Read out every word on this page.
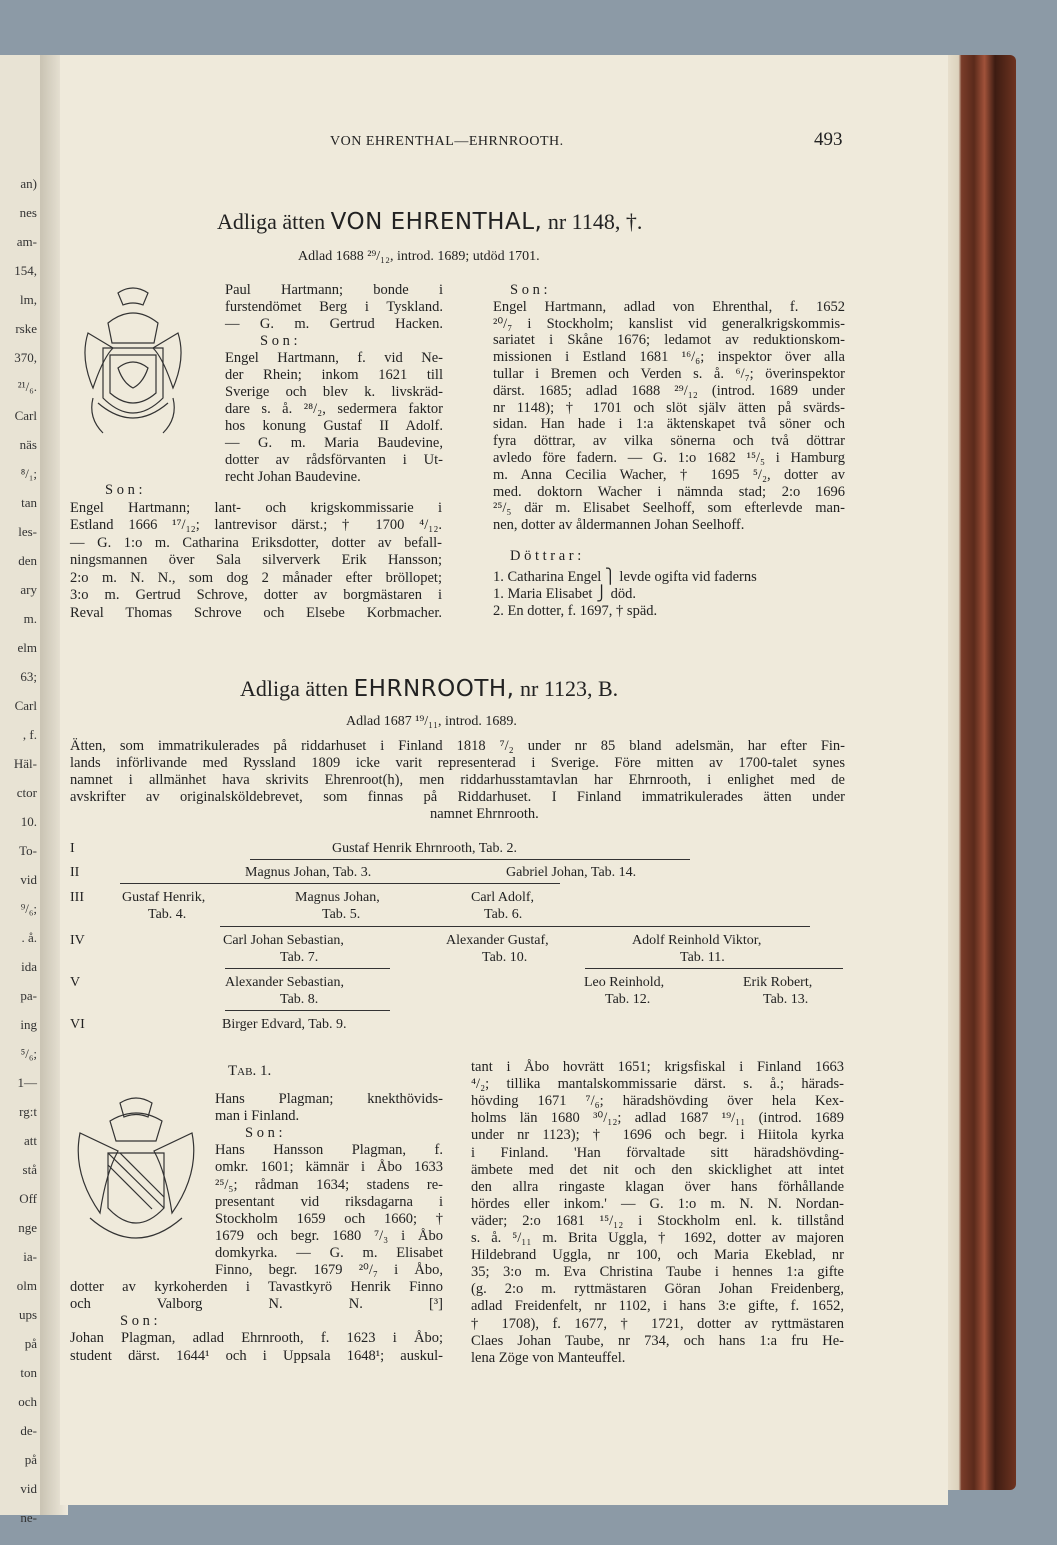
an)
nes
am-
154,
lm,
rske
370,
²¹/₆.
Carl
näs
⁸/₁;
tan
les-
den
ary
m.
elm
63;
Carl
, f.
Häl-
ctor
10.
To-
vid
⁹/₆;
. å.
ida
pa-
ing
⁵/₆;
1—
rg:t
att
stå
Off
nge
ia-
olm
ups
på
ton
och
de-
på
vid
ne-
VON EHRENTHAL—EHRNROOTH.	493
Adliga ätten VON EHRENTHAL, nr 1148, †.
Adlad 1688 ²⁹/₁₂, introd. 1689; utdöd 1701.
Paul Hartmann; bonde i
furstendömet Berg i Tyskland.
— G. m. Gertrud Hacken.
S o n :
Engel Hartmann, f. vid Ne-
der Rhein; inkom 1621 till
Sverige och blev k. livskräd-
dare s. å. ²⁸/₂, sedermera faktor
hos konung Gustaf II Adolf.
— G. m. Maria Baudevine,
dotter av rådsförvanten i Ut-
recht Johan Baudevine.
S o n :
Engel Hartmann; lant- och krigskommissarie i
Estland 1666 ¹⁷/₁₂; lantrevisor därst.; † 1700 ⁴/₁₂.
— G. 1:o m. Catharina Eriksdotter, dotter av befall-
ningsmannen över Sala silververk Erik Hansson;
2:o m. N. N., som dog 2 månader efter bröllopet;
3:o m. Gertrud Schrove, dotter av borgmästaren i
Reval Thomas Schrove och Elsebe Korbmacher.
S o n :
Engel Hartmann, adlad von Ehrenthal, f. 1652
²⁰/₇ i Stockholm; kanslist vid generalkrigskommis-
sariatet i Skåne 1676; ledamot av reduktionskom-
missionen i Estland 1681 ¹⁶/₆; inspektor över alla
tullar i Bremen och Verden s. å. ⁶/₇; överinspektor
därst. 1685; adlad 1688 ²⁹/₁₂ (introd. 1689 under
nr 1148); † 1701 och slöt själv ätten på svärds-
sidan. Han hade i 1:a äktenskapet två söner och
fyra döttrar, av vilka sönerna och två döttrar
avledo före fadern. — G. 1:o 1682 ¹⁵/₅ i Hamburg
m. Anna Cecilia Wacher, † 1695 ⁵/₂, dotter av
med. doktorn Wacher i nämnda stad; 2:o 1696
²⁵/₅ där m. Elisabet Seelhoff, som efterlevde man-
nen, dotter av åldermannen Johan Seelhoff.
D ö t t r a r :
1. Catharina Engel ⎫ levde ogifta vid faderns
1. Maria Elisabet ⎭ död.
2. En dotter, f. 1697, † späd.
Adliga ätten EHRNROOTH, nr 1123, B.
Adlad 1687 ¹⁹/₁₁, introd. 1689.
Ätten, som immatrikulerades på riddarhuset i Finland 1818 ⁷/₂ under nr 85 bland adelsmän, har efter Fin-
lands införlivande med Ryssland 1809 icke varit representerad i Sverige. Före mitten av 1700-talet synes
namnet i allmänhet hava skrivits Ehrenroot(h), men riddarhusstamtavlan har Ehrnrooth, i enlighet med de
avskrifter av originalsköldebrevet, som finnas på Riddarhuset. I Finland immatrikulerades ätten under
namnet Ehrnrooth.
I
II
III
IV
V
VI
Gustaf Henrik Ehrnrooth, Tab. 2.
Magnus Johan, Tab. 3.	Gabriel Johan, Tab. 14.
Gustaf Henrik,
Tab. 4.
Magnus Johan,
Tab. 5.
Carl Adolf,
Tab. 6.
Carl Johan Sebastian,
Tab. 7.
Alexander Gustaf,
Tab. 10.
Adolf Reinhold Viktor,
Tab. 11.
Alexander Sebastian,
Tab. 8.
Leo Reinhold,
Tab. 12.
Erik Robert,
Tab. 13.
Birger Edvard, Tab. 9.
Tab. 1.
Hans Plagman; knekthövids-
man i Finland.
S o n :
Hans Hansson Plagman, f.
omkr. 1601; kämnär i Åbo 1633
²⁵/₅; rådman 1634; stadens re-
presentant vid riksdagarna i
Stockholm 1659 och 1660; †
1679 och begr. 1680 ⁷/₃ i Åbo
domkyrka. — G. m. Elisabet
Finno, begr. 1679 ²⁰/₇ i Åbo,
dotter av kyrkoherden i Tavastkyrö Henrik Finno
och Valborg N. N. [³]
S o n :
Johan Plagman, adlad Ehrnrooth, f. 1623 i Åbo;
student därst. 1644¹ och i Uppsala 1648¹; auskul-
tant i Åbo hovrätt 1651; krigsfiskal i Finland 1663
⁴/₂; tillika mantalskommissarie därst. s. å.; härads-
hövding 1671 ⁷/₆; häradshövding över hela Kex-
holms län 1680 ³⁰/₁₂; adlad 1687 ¹⁹/₁₁ (introd. 1689
under nr 1123); † 1696 och begr. i Hiitola kyrka
i Finland. 'Han förvaltade sitt häradshövding-
ämbete med det nit och den skicklighet att intet
den allra ringaste klagan över hans förhållande
hördes eller inkom.' — G. 1:o m. N. N. Nordan-
väder; 2:o 1681 ¹⁵/₁₂ i Stockholm enl. k. tillstånd
s. å. ⁵/₁₁ m. Brita Uggla, † 1692, dotter av majoren
Hildebrand Uggla, nr 100, och Maria Ekeblad, nr
35; 3:o m. Eva Christina Taube i hennes 1:a gifte
(g. 2:o m. ryttmästaren Göran Johan Freidenberg,
adlad Freidenfelt, nr 1102, i hans 3:e gifte, f. 1652,
† 1708), f. 1677, † 1721, dotter av ryttmästaren
Claes Johan Taube, nr 734, och hans 1:a fru He-
lena Zöge von Manteuffel.
